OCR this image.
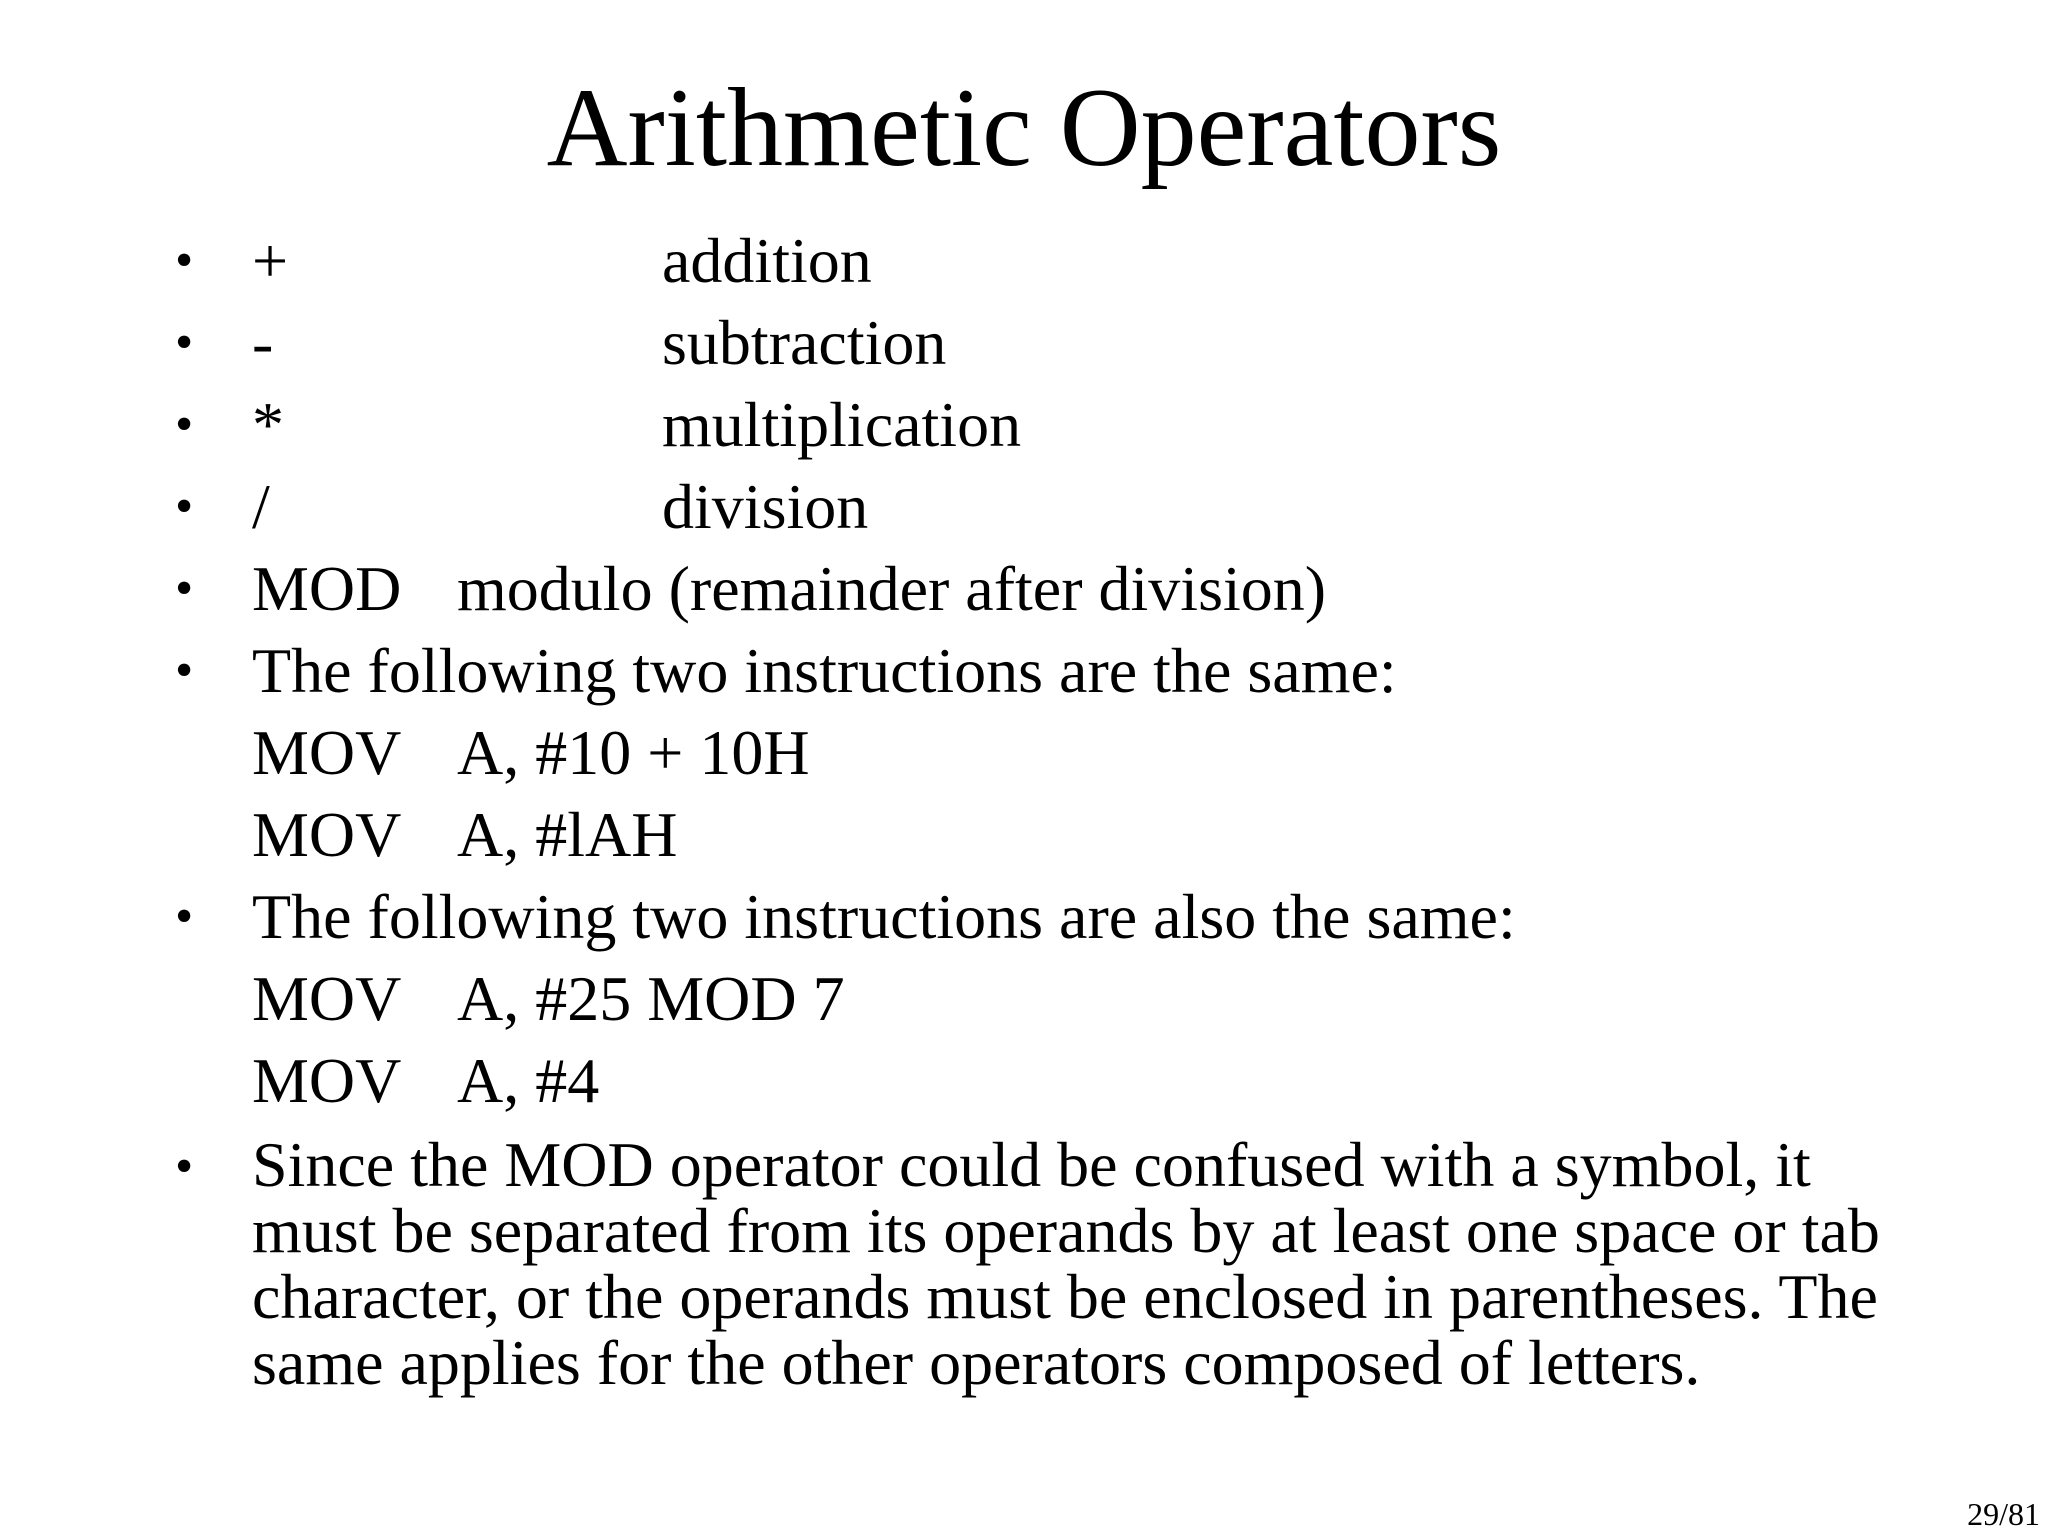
Arithmetic Operators
• +	addition
• -	subtraction
• *	multiplication
• /	division
• MOD modulo (remainder after division)
• The following two instructions are the same:
MOV A, #10 + 10H
MOV A, #lAH
• The following two instructions are also the same:
MOV A, #25 MOD 7
MOV A, #4
• Since the MOD operator could be confused with a symbol, it must be separated from its operands by at least one space or tab character, or the operands must be enclosed in parentheses. The same applies for the other operators composed of letters.
29/81
